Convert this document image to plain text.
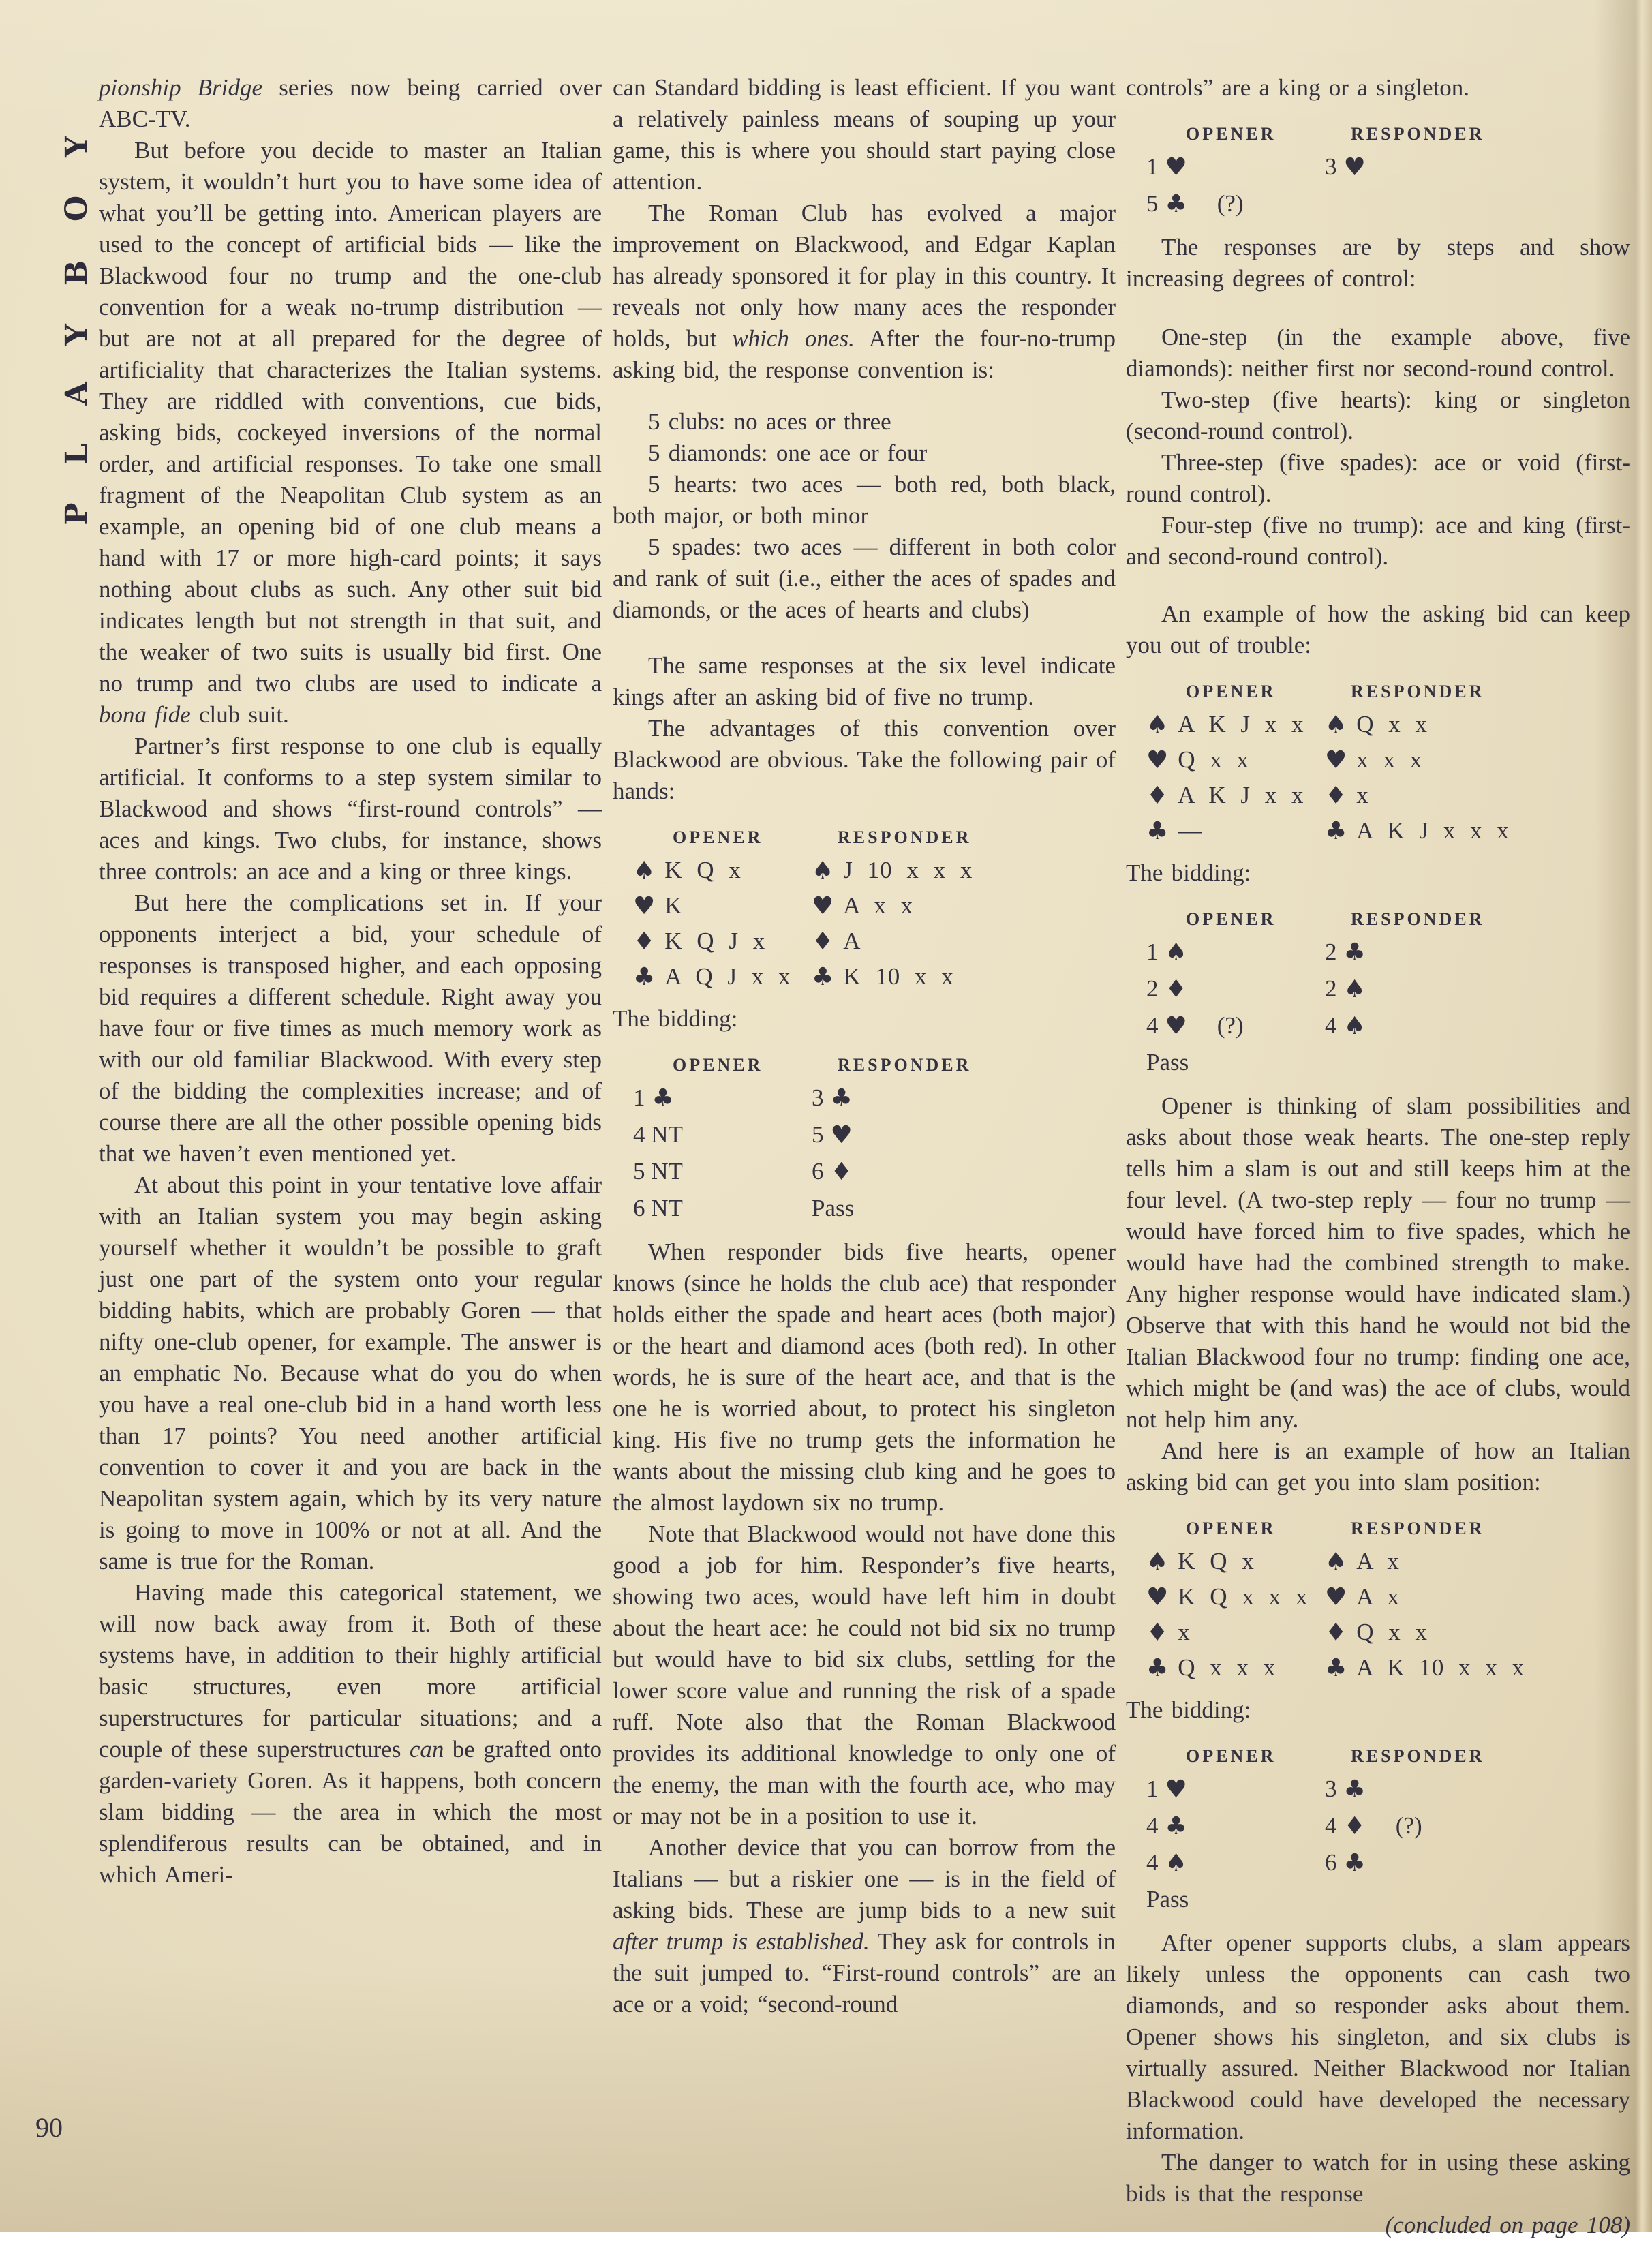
PLAYBOY
90

pionship Bridge series now being carried over ABC-TV.

But before you decide to master an Italian system, it wouldn’t hurt you to have some idea of what you’ll be getting into. American players are used to the concept of artificial bids — like the Blackwood four no trump and the one-club convention for a weak no-trump distribution — but are not at all prepared for the degree of artificiality that characterizes the Italian systems. They are riddled with conventions, cue bids, asking bids, cockeyed inversions of the normal order, and artificial responses. To take one small fragment of the Neapolitan Club system as an example, an opening bid of one club means a hand with 17 or more high-card points; it says nothing about clubs as such. Any other suit bid indicates length but not strength in that suit, and the weaker of two suits is usually bid first. One no trump and two clubs are used to indicate a bona fide club suit.

Partner’s first response to one club is equally artificial. It conforms to a step system similar to Blackwood and shows “first-round controls” — aces and kings. Two clubs, for instance, shows three controls: an ace and a king or three kings.

But here the complications set in. If your opponents interject a bid, your schedule of responses is transposed higher, and each opposing bid requires a different schedule. Right away you have four or five times as much memory work as with our old familiar Blackwood. With every step of the bidding the complexities increase; and of course there are all the other possible opening bids that we haven’t even mentioned yet.

At about this point in your tentative love affair with an Italian system you may begin asking yourself whether it wouldn’t be possible to graft just one part of the system onto your regular bidding habits, which are probably Goren — that nifty one-club opener, for example. The answer is an emphatic No. Because what do you do when you have a real one-club bid in a hand worth less than 17 points? You need another artificial convention to cover it and you are back in the Neapolitan system again, which by its very nature is going to move in 100% or not at all. And the same is true for the Roman.

Having made this categorical statement, we will now back away from it. Both of these systems have, in addition to their highly artificial basic structures, even more artificial superstructures for particular situations; and a couple of these superstructures can be grafted onto garden-variety Goren. As it happens, both concern slam bidding — the area in which the most splendiferous results can be obtained, and in which Ameri-

can Standard bidding is least efficient. If you want a relatively painless means of souping up your game, this is where you should start paying close attention.

The Roman Club has evolved a major improvement on Blackwood, and Edgar Kaplan has already sponsored it for play in this country. It reveals not only how many aces the responder holds, but which ones. After the four-no-trump asking bid, the response convention is:

5 clubs: no aces or three

5 diamonds: one ace or four

5 hearts: two aces — both red, both black, both major, or both minor

5 spades: two aces — different in both color and rank of suit (i.e., either the aces of spades and diamonds, or the aces of hearts and clubs)

The same responses at the six level indicate kings after an asking bid of five no trump.

The advantages of this convention over Blackwood are obvious. Take the following pair of hands:

OPENER	RESPONDER
♠ K Q x	♠ J 10 x x x
♥ K	♥ A x x
♦ K Q J x ♦ A
♣ A Q J x x ♣ K 10 x x

The bidding:

OPENER	RESPONDER
1 ♣	3 ♣
4 NT	5 ♥
5 NT	6 ♦
6 NT	Pass

When responder bids five hearts, opener knows (since he holds the club ace) that responder holds either the spade and heart aces (both major) or the heart and diamond aces (both red). In other words, he is sure of the heart ace, and that is the one he is worried about, to protect his singleton king. His five no trump gets the information he wants about the missing club king and he goes to the almost laydown six no trump.

Note that Blackwood would not have done this good a job for him. Responder’s five hearts, showing two aces, would have left him in doubt about the heart ace: he could not bid six no trump but would have to bid six clubs, settling for the lower score value and running the risk of a spade ruff. Note also that the Roman Blackwood provides its additional knowledge to only one of the enemy, the man with the fourth ace, who may or may not be in a position to use it.

Another device that you can borrow from the Italians — but a riskier one — is in the field of asking bids. These are jump bids to a new suit after trump is established. They ask for controls in the suit jumped to. “First-round controls” are an ace or a void; “second-round

controls” are a king or a singleton.

OPENER	RESPONDER
1 ♥	3 ♥
5 ♣ (?)

The responses are by steps and show increasing degrees of control:

One-step (in the example above, five diamonds): neither first nor second-round control.

Two-step (five hearts): king or singleton (second-round control).

Three-step (five spades): ace or void (first-round control).

Four-step (five no trump): ace and king (first- and second-round control).

An example of how the asking bid can keep you out of trouble:

OPENER	RESPONDER
♠ A K J x x ♠ Q x x
♥ Q x x	♥ x x x
♦ A K J x x ♦ x
♣ —	♣ A K J x x x

The bidding:

OPENER	RESPONDER
1 ♠	2 ♣
2 ♦	2 ♠
4 ♥ (?)	4 ♠
Pass

Opener is thinking of slam possibilities and asks about those weak hearts. The one-step reply tells him a slam is out and still keeps him at the four level. (A two-step reply — four no trump — would have forced him to five spades, which he would have had the combined strength to make. Any higher response would have indicated slam.) Observe that with this hand he would not bid the Italian Blackwood four no trump: finding one ace, which might be (and was) the ace of clubs, would not help him any.

And here is an example of how an Italian asking bid can get you into slam position:

OPENER	RESPONDER
♠ K Q x	♠ A x
♥ K Q x x x ♥ A x
♦ x	♦ Q x x
♣ Q x x x ♣ A K 10 x x x

The bidding:

OPENER	RESPONDER
1 ♥	3 ♣
4 ♣	4 ♦ (?)
4 ♠	6 ♣
Pass

After opener supports clubs, a slam appears likely unless the opponents can cash two diamonds, and so responder asks about them. Opener shows his singleton, and six clubs is virtually assured. Neither Blackwood nor Italian Blackwood could have developed the necessary information.

The danger to watch for in using these asking bids is that the response

(concluded on page 108)
